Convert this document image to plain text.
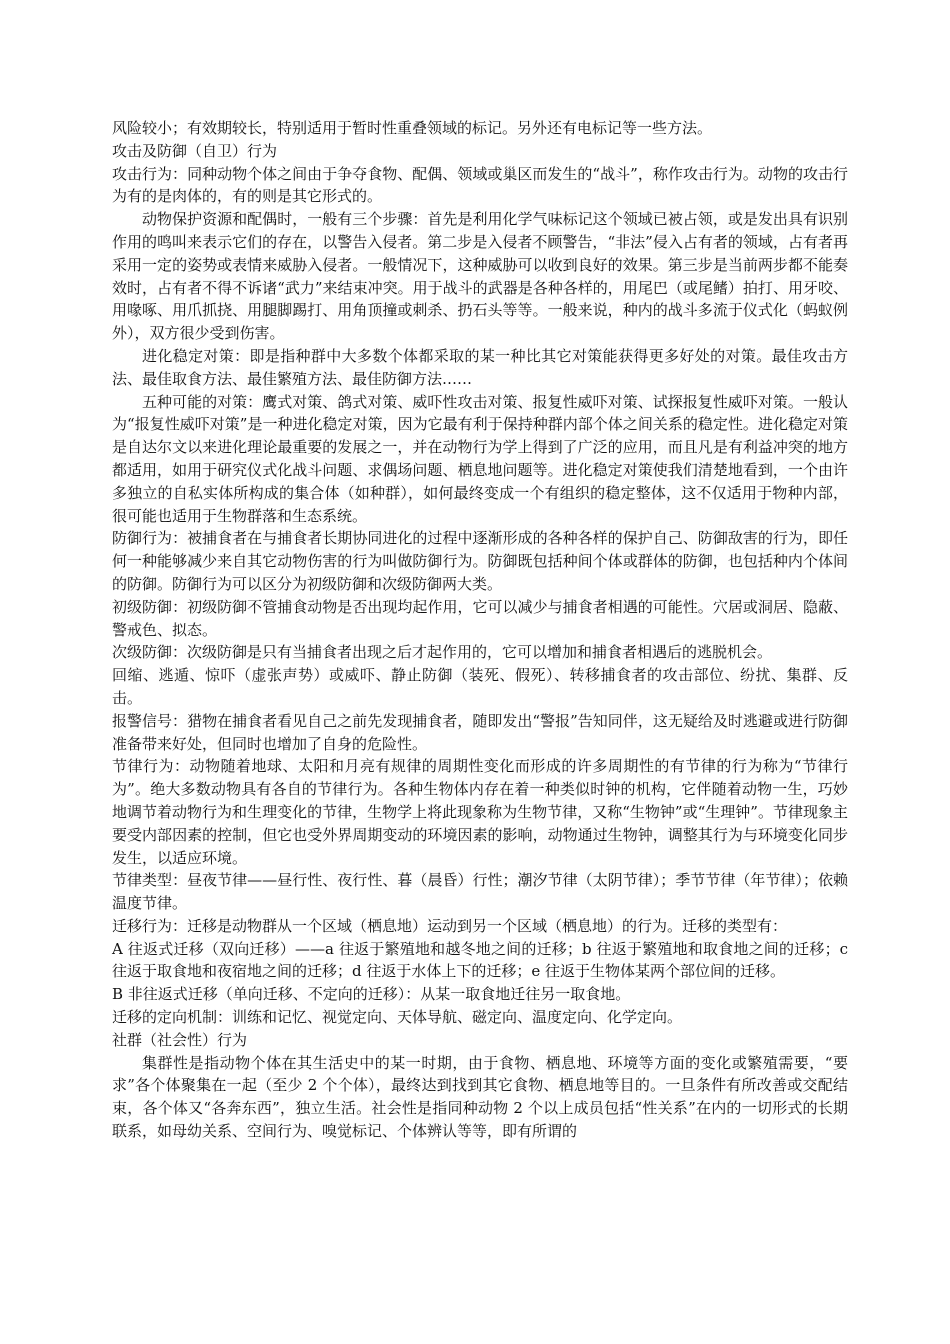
风险较小；有效期较长，特别适用于暂时性重叠领域的标记。另外还有电标记等一些方法。

攻击及防御（自卫）行为

攻击行为：同种动物个体之间由于争夺食物、配偶、领域或巢区而发生的“战斗”，称作攻击行为。动物的攻击行为有的是肉体的，有的则是其它形式的。

动物保护资源和配偶时，一般有三个步骤：首先是利用化学气味标记这个领域已被占领，或是发出具有识别作用的鸣叫来表示它们的存在，以警告入侵者。第二步是入侵者不顾警告，“非法”侵入占有者的领域，占有者再采用一定的姿势或表情来威胁入侵者。一般情况下，这种威胁可以收到良好的效果。第三步是当前两步都不能奏效时，占有者不得不诉诸“武力”来结束冲突。用于战斗的武器是各种各样的，用尾巴（或尾鳍）拍打、用牙咬、用喙啄、用爪抓挠、用腿脚踢打、用角顶撞或刺杀、扔石头等等。一般来说，种内的战斗多流于仪式化（蚂蚁例外），双方很少受到伤害。

进化稳定对策：即是指种群中大多数个体都采取的某一种比其它对策能获得更多好处的对策。最佳攻击方法、最佳取食方法、最佳繁殖方法、最佳防御方法……

五种可能的对策：鹰式对策、鸽式对策、威吓性攻击对策、报复性威吓对策、试探报复性威吓对策。一般认为“报复性威吓对策”是一种进化稳定对策，因为它最有利于保持种群内部个体之间关系的稳定性。进化稳定对策是自达尔文以来进化理论最重要的发展之一，并在动物行为学上得到了广泛的应用，而且凡是有利益冲突的地方都适用，如用于研究仪式化战斗问题、求偶场问题、栖息地问题等。进化稳定对策使我们清楚地看到，一个由许多独立的自私实体所构成的集合体（如种群），如何最终变成一个有组织的稳定整体，这不仅适用于物种内部，很可能也适用于生物群落和生态系统。

防御行为：被捕食者在与捕食者长期协同进化的过程中逐渐形成的各种各样的保护自己、防御敌害的行为，即任何一种能够减少来自其它动物伤害的行为叫做防御行为。防御既包括种间个体或群体的防御，也包括种内个体间的防御。防御行为可以区分为初级防御和次级防御两大类。

初级防御：初级防御不管捕食动物是否出现均起作用，它可以减少与捕食者相遇的可能性。穴居或洞居、隐蔽、警戒色、拟态。

次级防御：次级防御是只有当捕食者出现之后才起作用的，它可以增加和捕食者相遇后的逃脱机会。

回缩、逃遁、惊吓（虚张声势）或威吓、静止防御（装死、假死）、转移捕食者的攻击部位、纷扰、集群、反击。

报警信号：猎物在捕食者看见自己之前先发现捕食者，随即发出“警报”告知同伴，这无疑给及时逃避或进行防御准备带来好处，但同时也增加了自身的危险性。

节律行为：动物随着地球、太阳和月亮有规律的周期性变化而形成的许多周期性的有节律的行为称为“节律行为”。绝大多数动物具有各自的节律行为。各种生物体内存在着一种类似时钟的机构，它伴随着动物一生，巧妙地调节着动物行为和生理变化的节律，生物学上将此现象称为生物节律，又称“生物钟”或“生理钟”。节律现象主要受内部因素的控制，但它也受外界周期变动的环境因素的影响，动物通过生物钟，调整其行为与环境变化同步发生，以适应环境。

节律类型：昼夜节律——昼行性、夜行性、暮（晨昏）行性；潮汐节律（太阴节律）；季节节律（年节律）；依赖温度节律。

迁移行为：迁移是动物群从一个区域（栖息地）运动到另一个区域（栖息地）的行为。迁移的类型有：

A 往返式迁移（双向迁移）——a 往返于繁殖地和越冬地之间的迁移；b 往返于繁殖地和取食地之间的迁移；c 往返于取食地和夜宿地之间的迁移；d 往返于水体上下的迁移；e 往返于生物体某两个部位间的迁移。

B 非往返式迁移（单向迁移、不定向的迁移）：从某一取食地迁往另一取食地。

迁移的定向机制：训练和记忆、视觉定向、天体导航、磁定向、温度定向、化学定向。

社群（社会性）行为

集群性是指动物个体在其生活史中的某一时期，由于食物、栖息地、环境等方面的变化或繁殖需要，“要求”各个体聚集在一起（至少 2 个个体），最终达到找到其它食物、栖息地等目的。一旦条件有所改善或交配结束，各个体又“各奔东西”，独立生活。社会性是指同种动物 2 个以上成员包括“性关系”在内的一切形式的长期联系，如母幼关系、空间行为、嗅觉标记、个体辨认等等，即有所谓的
